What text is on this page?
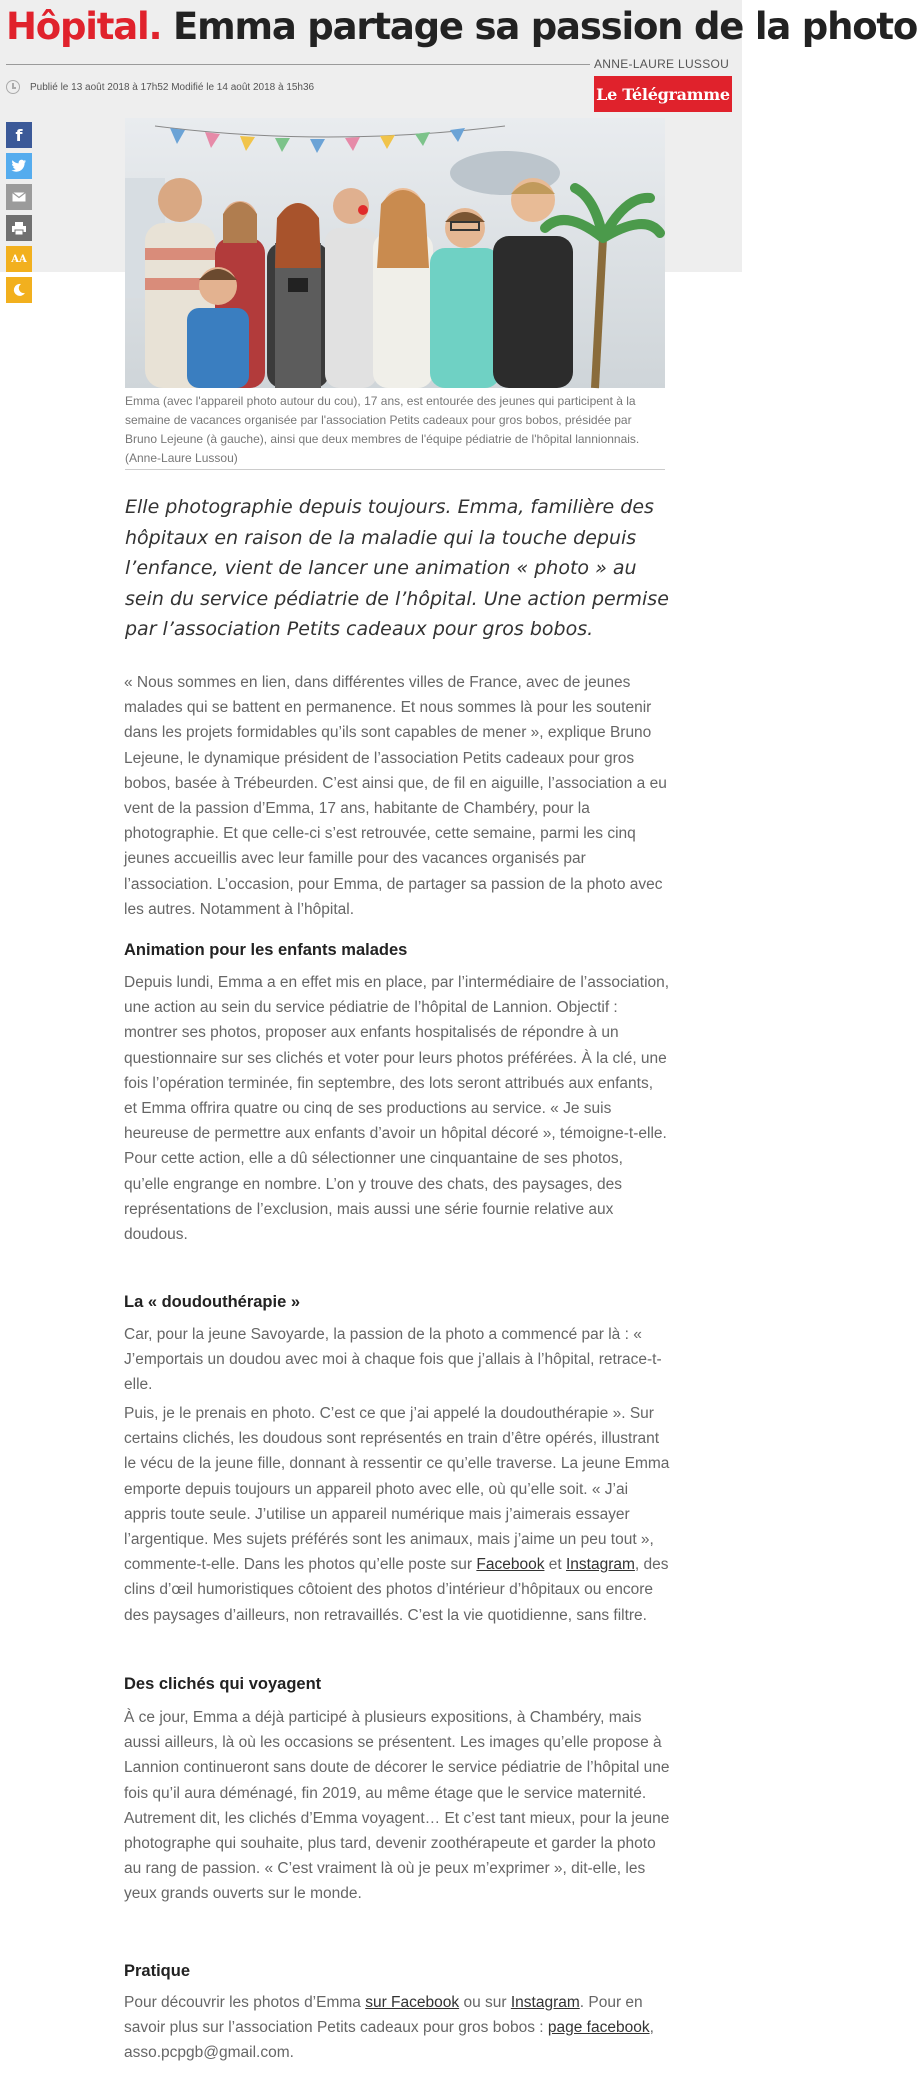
Hôpital. Emma partage sa passion de la photo
ANNE-LAURE LUSSOU
Publié le 13 août 2018 à 17h52 Modifié le 14 août 2018 à 15h36	Le Télégramme
f
AA

Emma (avec l'appareil photo autour du cou), 17 ans, est entourée des jeunes qui participent à la semaine de vacances organisée par l'association Petits cadeaux pour gros bobos, présidée par Bruno Lejeune (à gauche), ainsi que deux membres de l'équipe pédiatrie de l'hôpital lannionnais. (Anne-Laure Lussou)

Elle photographie depuis toujours. Emma, familière des hôpitaux en raison de la maladie qui la touche depuis l’enfance, vient de lancer une animation « photo » au sein du service pédiatrie de l’hôpital. Une action permise par l’association Petits cadeaux pour gros bobos.

« Nous sommes en lien, dans différentes villes de France, avec de jeunes malades qui se battent en permanence. Et nous sommes là pour les soutenir dans les projets formidables qu’ils sont capables de mener », explique Bruno Lejeune, le dynamique président de l’association Petits cadeaux pour gros bobos, basée à Trébeurden. C’est ainsi que, de fil en aiguille, l’association a eu vent de la passion d’Emma, 17 ans, habitante de Chambéry, pour la photographie. Et que celle-ci s’est retrouvée, cette semaine, parmi les cinq jeunes accueillis avec leur famille pour des vacances organisés par l’association. L’occasion, pour Emma, de partager sa passion de la photo avec les autres. Notamment à l’hôpital.

Animation pour les enfants malades

Depuis lundi, Emma a en effet mis en place, par l’intermédiaire de l’association, une action au sein du service pédiatrie de l’hôpital de Lannion. Objectif : montrer ses photos, proposer aux enfants hospitalisés de répondre à un questionnaire sur ses clichés et voter pour leurs photos préférées. À la clé, une fois l’opération terminée, fin septembre, des lots seront attribués aux enfants, et Emma offrira quatre ou cinq de ses productions au service. « Je suis heureuse de permettre aux enfants d’avoir un hôpital décoré », témoigne-t-elle. Pour cette action, elle a dû sélectionner une cinquantaine de ses photos, qu’elle engrange en nombre. L’on y trouve des chats, des paysages, des représentations de l’exclusion, mais aussi une série fournie relative aux doudous.

La « doudouthérapie »

Car, pour la jeune Savoyarde, la passion de la photo a commencé par là : « J’emportais un doudou avec moi à chaque fois que j’allais à l’hôpital, retrace-t-elle.

Puis, je le prenais en photo. C’est ce que j’ai appelé la doudouthérapie ». Sur certains clichés, les doudous sont représentés en train d’être opérés, illustrant le vécu de la jeune fille, donnant à ressentir ce qu’elle traverse. La jeune Emma emporte depuis toujours un appareil photo avec elle, où qu’elle soit. « J’ai appris toute seule. J’utilise un appareil numérique mais j’aimerais essayer l’argentique. Mes sujets préférés sont les animaux, mais j’aime un peu tout », commente-t-elle. Dans les photos qu’elle poste sur Facebook et Instagram, des clins d’œil humoristiques côtoient des photos d’intérieur d’hôpitaux ou encore des paysages d’ailleurs, non retravaillés. C’est la vie quotidienne, sans filtre.

Des clichés qui voyagent

À ce jour, Emma a déjà participé à plusieurs expositions, à Chambéry, mais aussi ailleurs, là où les occasions se présentent. Les images qu’elle propose à Lannion continueront sans doute de décorer le service pédiatrie de l’hôpital une fois qu’il aura déménagé, fin 2019, au même étage que le service maternité. Autrement dit, les clichés d’Emma voyagent… Et c’est tant mieux, pour la jeune photographe qui souhaite, plus tard, devenir zoothérapeute et garder la photo au rang de passion. « C’est vraiment là où je peux m’exprimer », dit-elle, les yeux grands ouverts sur le monde.

Pratique

Pour découvrir les photos d’Emma sur Facebook ou sur Instagram. Pour en savoir plus sur l’association Petits cadeaux pour gros bobos : page facebook, asso.pcpgb@gmail.com.
